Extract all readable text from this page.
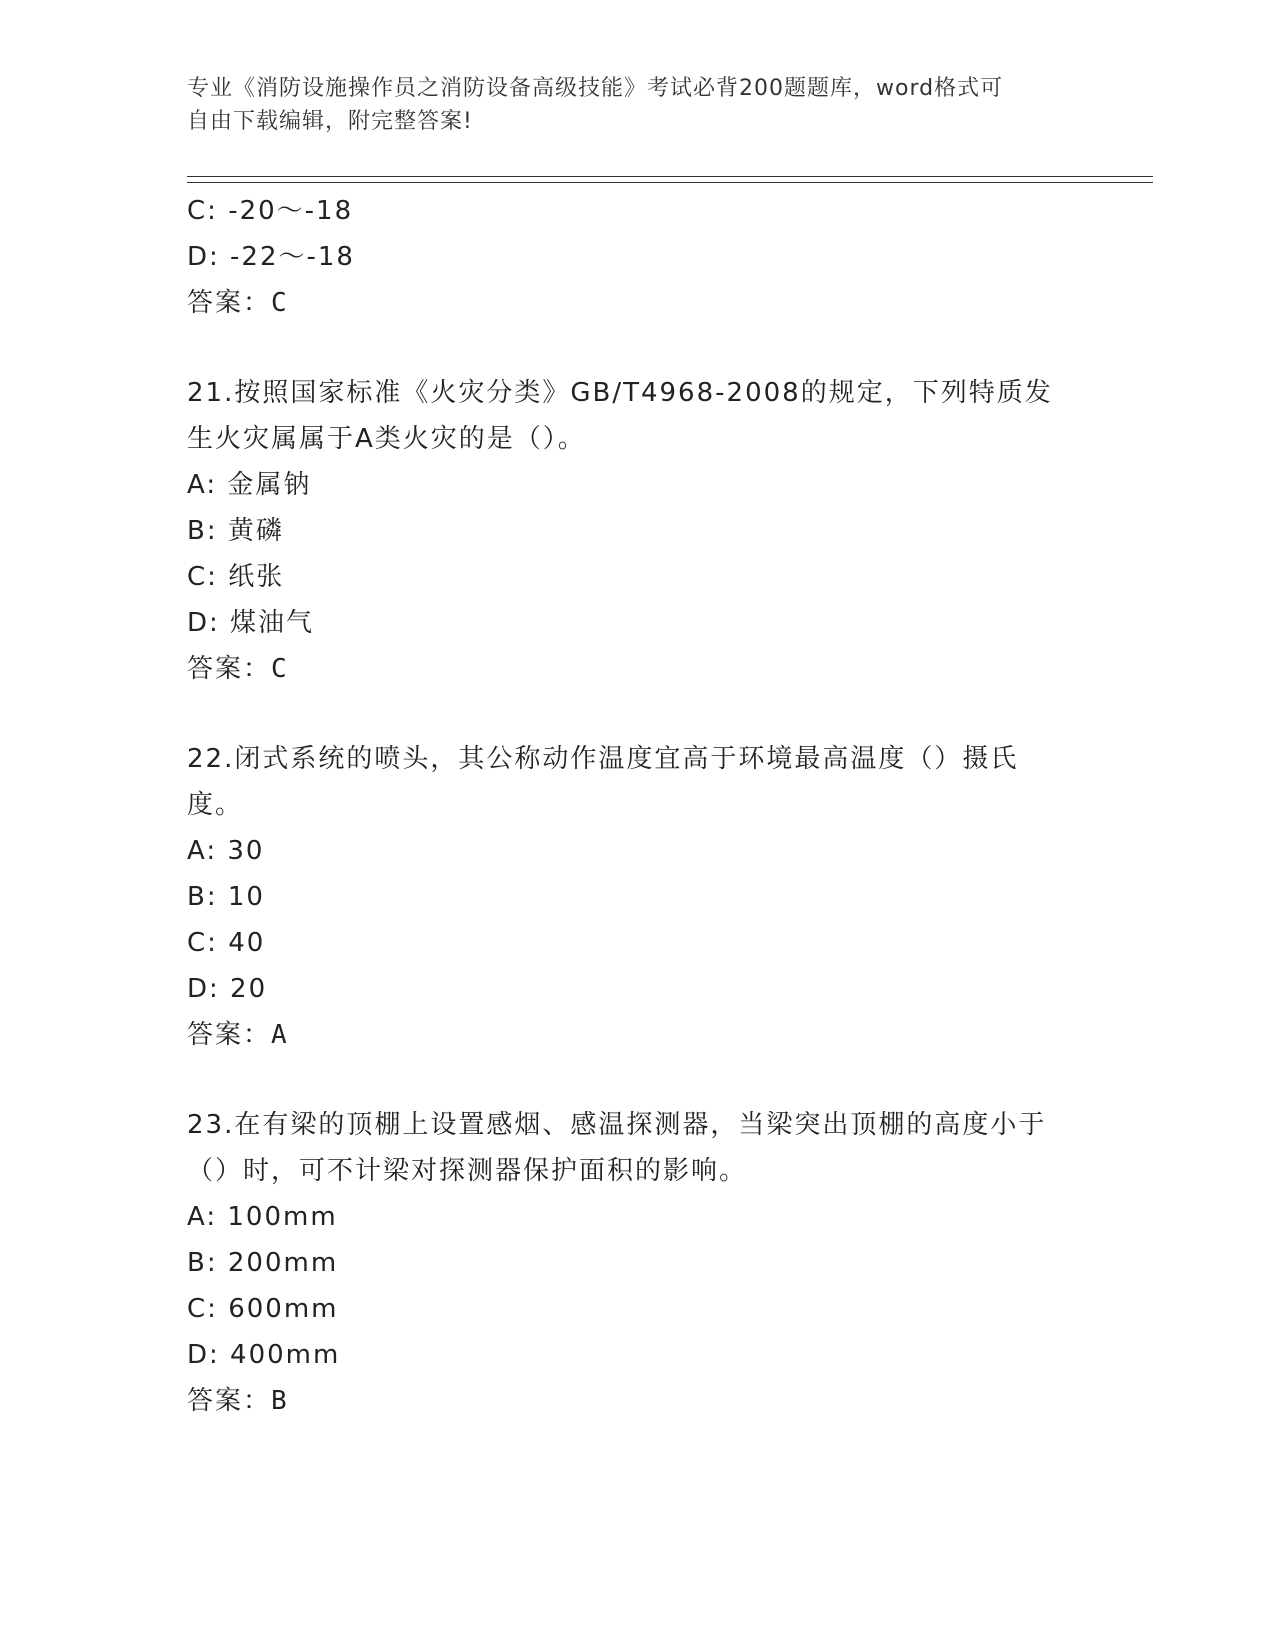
专业《消防设施操作员之消防设备高级技能》考试必背200题题库，word格式可
自由下载编辑，附完整答案!
C: -20～-18
D: -22～-18
答案：C
21.按照国家标准《火灾分类》GB/T4968-2008的规定，下列特质发生火灾属属于A类火灾的是（）。
A: 金属钠
B: 黄磷
C: 纸张
D: 煤油气
答案：C
22.闭式系统的喷头，其公称动作温度宜高于环境最高温度（）摄氏度。
A: 30
B: 10
C: 40
D: 20
答案：A
23.在有梁的顶棚上设置感烟、感温探测器，当梁突出顶棚的高度小于（）时，可不计梁对探测器保护面积的影响。
A: 100mm
B: 200mm
C: 600mm
D: 400mm
答案：B
